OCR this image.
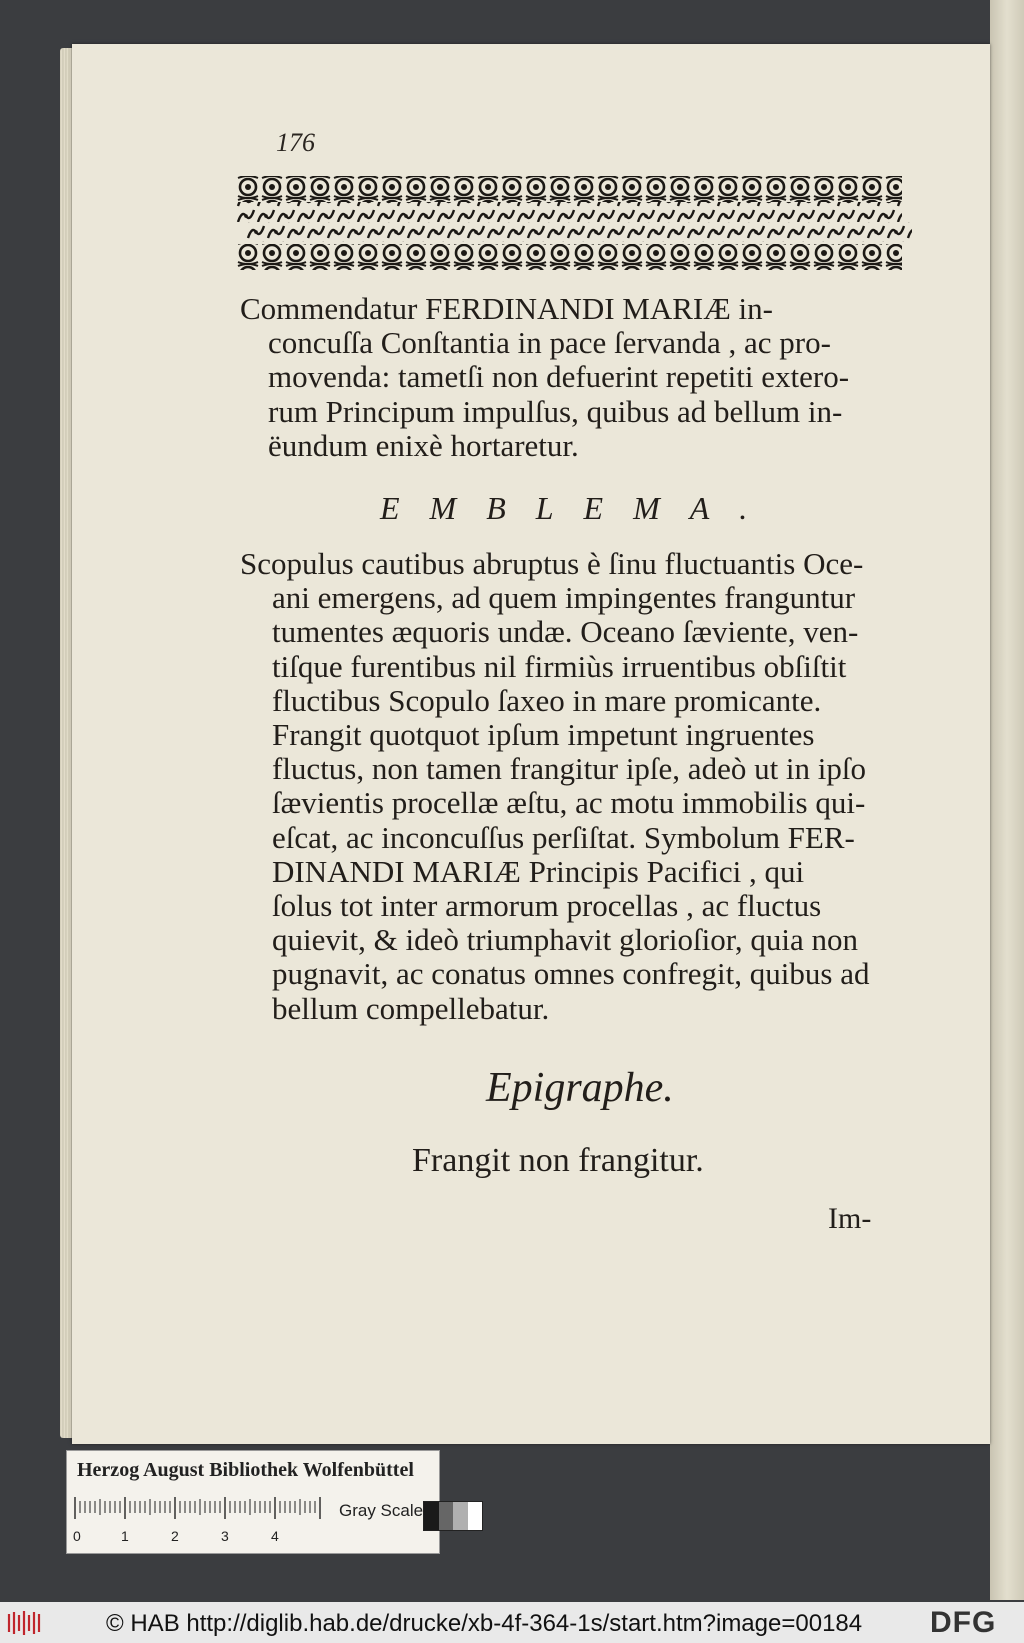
176

Commendatur FERDINANDI MARIÆ in-

concuſſa Conſtantia in pace ſervanda , ac pro-

movenda: tametſi non defuerint repetiti extero-

rum Principum impulſus, quibus ad bellum in-

ëundum enixè hortaretur.

EMBLEMA.

Scopulus cautibus abruptus è ſinu fluctuantis Oce-

ani emergens, ad quem impingentes franguntur

tumentes æquoris undæ. Oceano ſæviente, ven-

tiſque furentibus nil firmiùs irruentibus obſiſtit

fluctibus Scopulo ſaxeo in mare promicante.

Frangit quotquot ipſum impetunt ingruentes

fluctus, non tamen frangitur ipſe, adeò ut in ipſo

ſævientis procellæ æſtu, ac motu immobilis qui-

eſcat, ac inconcuſſus perſiſtat. Symbolum FER-

DINANDI MARIÆ Principis Pacifici , qui

ſolus tot inter armorum procellas , ac fluctus

quievit, & ideò triumphavit glorioſior, quia non

pugnavit, ac conatus omnes confregit, quibus ad

bellum compellebatur.

Epigraphe.
Frangit non frangitur.
Im-
Herzog August Bibliothek Wolfenbüttel
0	1	2	3	4
Gray Scale
© HAB http://diglib.hab.de/drucke/xb-4f-364-1s/start.htm?image=00184 DFG
